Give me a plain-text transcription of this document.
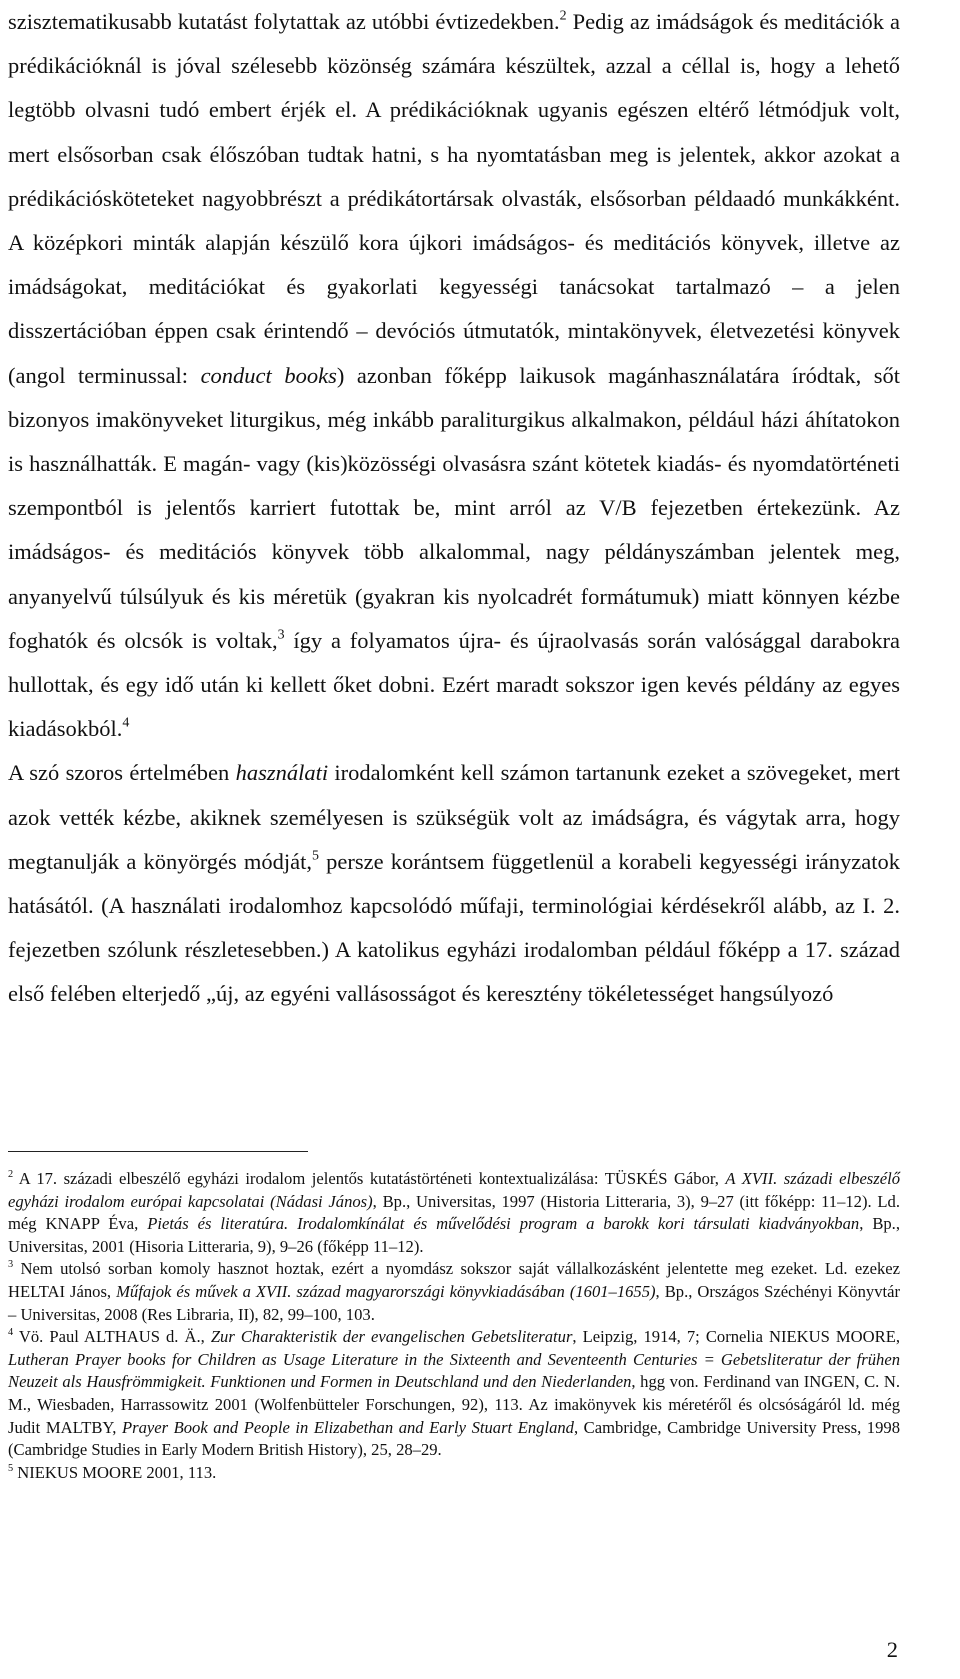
szisztematikusabb kutatást folytattak az utóbbi évtizedekben.$^2$ Pedig az imádságok és meditációk a prédikációknál is jóval szélesebb közönség számára készültek, azzal a céllal is, hogy a lehető legtöbb olvasni tudó embert érjék el. A prédikációknak ugyanis egészen eltérő létmódjuk volt, mert elsősorban csak élőszóban tudtak hatni, s ha nyomtatásban meg is jelentek, akkor azokat a prédikációsköteteket nagyobbrészt a prédikátortársak olvasták, elsősorban példaadó munkákként. A középkori minták alapján készülő kora újkori imádságos- és meditációs könyvek, illetve az imádságokat, meditációkat és gyakorlati kegyességi tanácsokat tartalmazó – a jelen disszertációban éppen csak érintendő – devóciós útmutatók, mintakönyvek, életvezetési könyvek (angol terminussal: conduct books) azonban főképp laikusok magánhasználatára íródtak, sőt bizonyos imakönyveket liturgikus, még inkább paraliturgikus alkalmakon, például házi áhítatokon is használhatták. E magán- vagy (kis)közösségi olvasásra szánt kötetek kiadás- és nyomdatörténeti szempontból is jelentős karriert futottak be, mint arról az V/B fejezetben értekezünk. Az imádságos- és meditációs könyvek több alkalommal, nagy példányszámban jelentek meg, anyanyelvű túlsúlyuk és kis méretük (gyakran kis nyolcadrét formátumuk) miatt könnyen kézbe foghatók és olcsók is voltak,$^3$ így a folyamatos újra- és újraolvasás során valósággal darabokra hullottak, és egy idő után ki kellett őket dobni. Ezért maradt sokszor igen kevés példány az egyes kiadásokból.$^4$

A szó szoros értelmében használati irodalomként kell számon tartanunk ezeket a szövegeket, mert azok vették kézbe, akiknek személyesen is szükségük volt az imádságra, és vágytak arra, hogy megtanulják a könyörgés módját,$^5$ persze korántsem függetlenül a korabeli kegyességi irányzatok hatásától. (A használati irodalomhoz kapcsolódó műfaji, terminológiai kérdésekről alább, az I. 2. fejezetben szólunk részletesebben.) A katolikus egyházi irodalomban például főképp a 17. század első felében elterjedő „új, az egyéni vallásosságot és keresztény tökéletességet hangsúlyozó

$^2$ A 17. századi elbeszélő egyházi irodalom jelentős kutatástörténeti kontextualizálása: TÜSKÉS Gábor, A XVII. századi elbeszélő egyházi irodalom európai kapcsolatai (Nádasi János), Bp., Universitas, 1997 (Historia Litteraria, 3), 9–27 (itt főképp: 11–12). Ld. még KNAPP Éva, Pietás és literatúra. Irodalomkínálat és művelődési program a barokk kori társulati kiadványokban, Bp., Universitas, 2001 (Hisoria Litteraria, 9), 9–26 (főképp 11–12).

$^3$ Nem utolsó sorban komoly hasznot hoztak, ezért a nyomdász sokszor saját vállalkozásként jelentette meg ezeket. Ld. ezekez HELTAI János, Műfajok és művek a XVII. század magyarországi könyvkiadásában (1601–1655), Bp., Országos Széchényi Könyvtár – Universitas, 2008 (Res Libraria, II), 82, 99–100, 103.

$^4$ Vö. Paul ALTHAUS d. Ä., Zur Charakteristik der evangelischen Gebetsliteratur, Leipzig, 1914, 7; Cornelia NIEKUS MOORE, Lutheran Prayer books for Children as Usage Literature in the Sixteenth and Seventeenth Centuries = Gebetsliteratur der frühen Neuzeit als Hausfrömmigkeit. Funktionen und Formen in Deutschland und den Niederlanden, hgg von. Ferdinand van INGEN, C. N. M., Wiesbaden, Harrassowitz 2001 (Wolfenbütteler Forschungen, 92), 113. Az imakönyvek kis méretéről és olcsóságáról ld. még Judit MALTBY, Prayer Book and People in Elizabethan and Early Stuart England, Cambridge, Cambridge University Press, 1998 (Cambridge Studies in Early Modern British History), 25, 28–29.

$^5$ NIEKUS MOORE 2001, 113.

2
